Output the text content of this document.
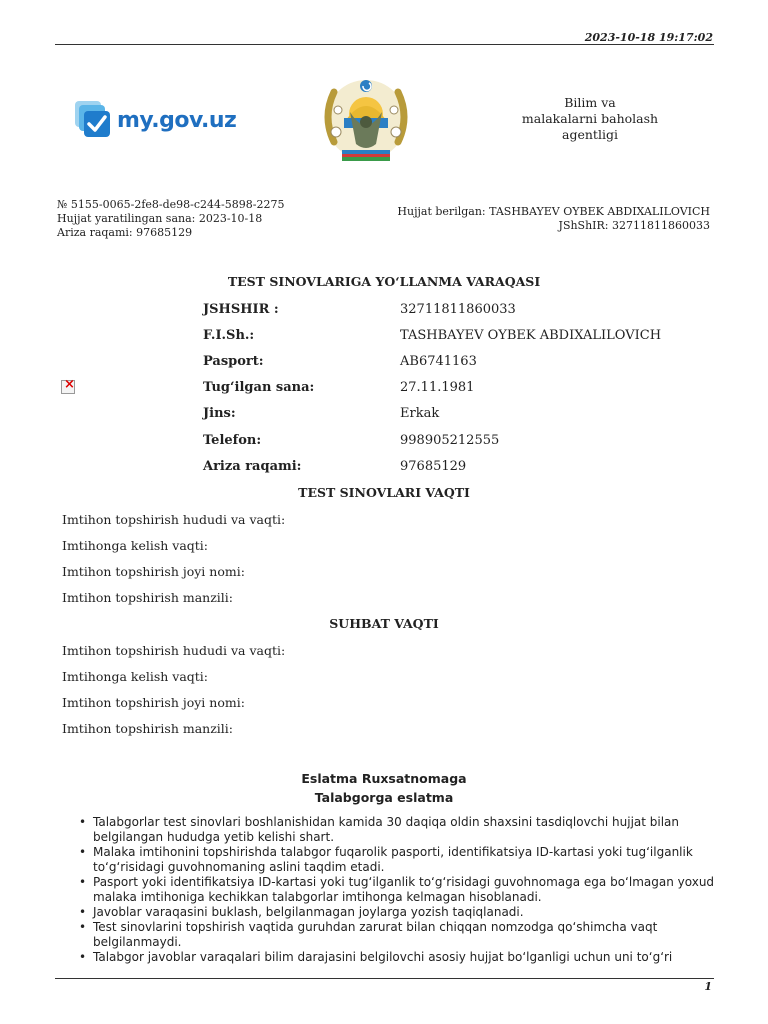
2023-10-18 19:17:02
my.gov.uz
Bilim va
malakalarni baholash
agentligi
№ 5155-0065-2fe8-de98-c244-5898-2275
Hujjat yaratilingan sana: 2023-10-18
Ariza raqami: 97685129
Hujjat berilgan: TASHBAYEV OYBEK ABDIXALILOVICH
JShShIR: 32711811860033
TEST SINOVLARIGA YOʻLLANMA VARAQASI
×
JSHSHIR :	32711811860033
F.I.Sh.:	TASHBAYEV OYBEK ABDIXALILOVICH
Pasport:	AB6741163
Tugʻilgan sana:	27.11.1981
Jins:	Erkak
Telefon:	998905212555
Ariza raqami:	97685129
TEST SINOVLARI VAQTI
Imtihon topshirish hududi va vaqti:
Imtihonga kelish vaqti:
Imtihon topshirish joyi nomi:
Imtihon topshirish manzili:
SUHBAT VAQTI
Imtihon topshirish hududi va vaqti:
Imtihonga kelish vaqti:
Imtihon topshirish joyi nomi:
Imtihon topshirish manzili:
Eslatma Ruxsatnomaga
Talabgorga eslatma
• Talabgorlar test sinovlari boshlanishidan kamida 30 daqiqa oldin shaxsini tasdiqlovchi hujjat bilan belgilangan hududga yetib kelishi shart.
• Malaka imtihonini topshirishda talabgor fuqarolik pasporti, identifikatsiya ID-kartasi yoki tugʻilganlik toʻgʻrisidagi guvohnomaning aslini taqdim etadi.
• Pasport yoki identifikatsiya ID-kartasi yoki tugʻilganlik toʻgʻrisidagi guvohnomaga ega boʻlmagan yoxud malaka imtihoniga kechikkan talabgorlar imtihonga kelmagan hisoblanadi.
• Javoblar varaqasini buklash, belgilanmagan joylarga yozish taqiqlanadi.
• Test sinovlarini topshirish vaqtida guruhdan zarurat bilan chiqqan nomzodga qoʻshimcha vaqt belgilanmaydi.
• Talabgor javoblar varaqalari bilim darajasini belgilovchi asosiy hujjat boʻlganligi uchun uni toʻgʻri
1
